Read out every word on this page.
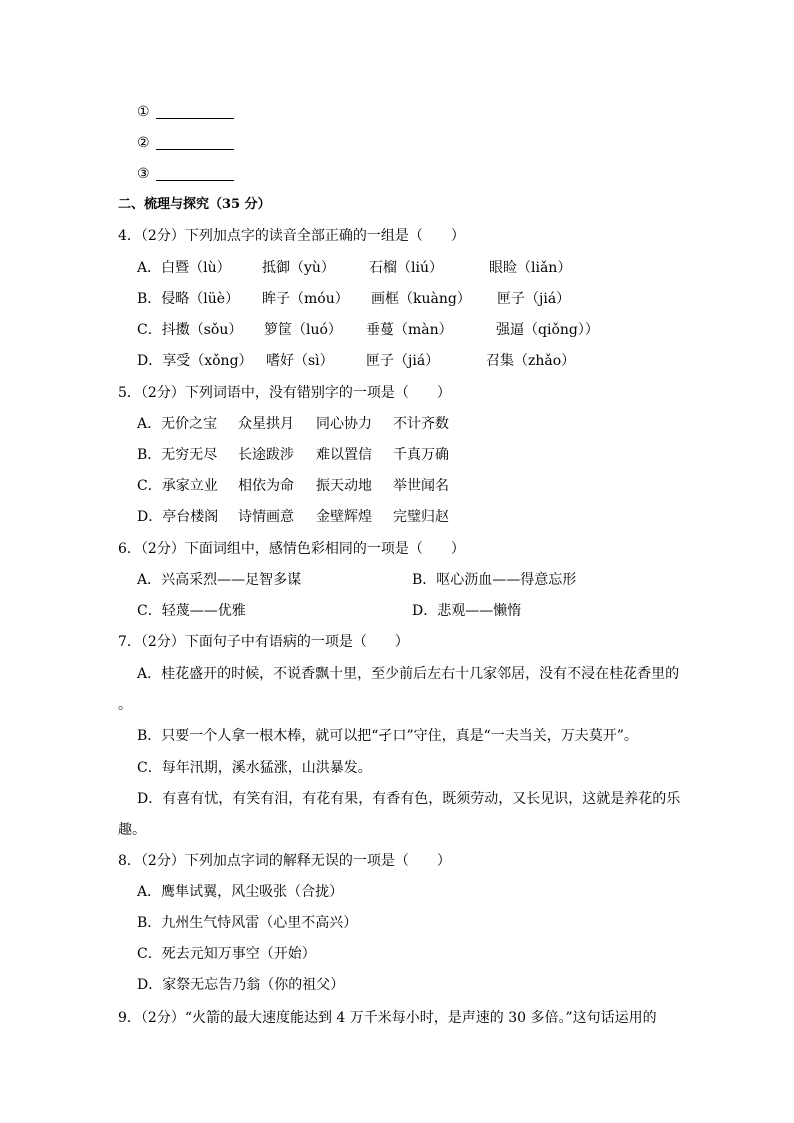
①
②
③
二、梳理与探究（35 分）
4．（2分）下列加点字的读音全部正确的一组是（　　）
A．白暨（lù） 抵御（yù） 石榴（liú）	眼睑（liǎn）
B．侵略（lüè） 眸子（móu） 画框（kuàng） 匣子（jiá）
C．抖擞（sǒu） 箩筐（luó） 垂蔓（màn）	强逼（qiǒng））
D．享受（xǒng） 嗜好（sì） 匣子（jiá）	召集（zhǎo）
5．（2分）下列词语中，没有错别字的一项是（　　）
A．无价之宝 众星拱月 同心协力 不计齐数
B．无穷无尽 长途跋涉 难以置信 千真万确
C．承家立业 相依为命 振天动地 举世闻名
D．亭台楼阁 诗情画意 金壁辉煌 完璧归赵
6．（2分）下面词组中，感情色彩相同的一项是（　　）
A．兴高采烈——足智多谋	B．呕心沥血——得意忘形
C．轻蔑——优雅	D．悲观——懒惰
7．（2分）下面句子中有语病的一项是（　　）
A．桂花盛开的时候，不说香飘十里，至少前后左右十几家邻居，没有不浸在桂花香里的
。
B．只要一个人拿一根木棒，就可以把“孑口”守住，真是“一夫当关，万夫莫开”。
C．每年汛期，溪水猛涨，山洪暴发。
D．有喜有忧，有笑有泪，有花有果，有香有色，既须劳动，又长见识，这就是养花的乐
趣。
8．（2分）下列加点字词的解释无误的一项是（　　）
A．鹰隼试翼，风尘吸张（合拢）
B．九州生气恃风雷（心里不高兴）
C．死去元知万事空（开始）
D．家祭无忘告乃翁（你的祖父）
9．（2分）“火箭的最大速度能达到 4 万千米每小时，是声速的 30 多倍。”这句话运用的
